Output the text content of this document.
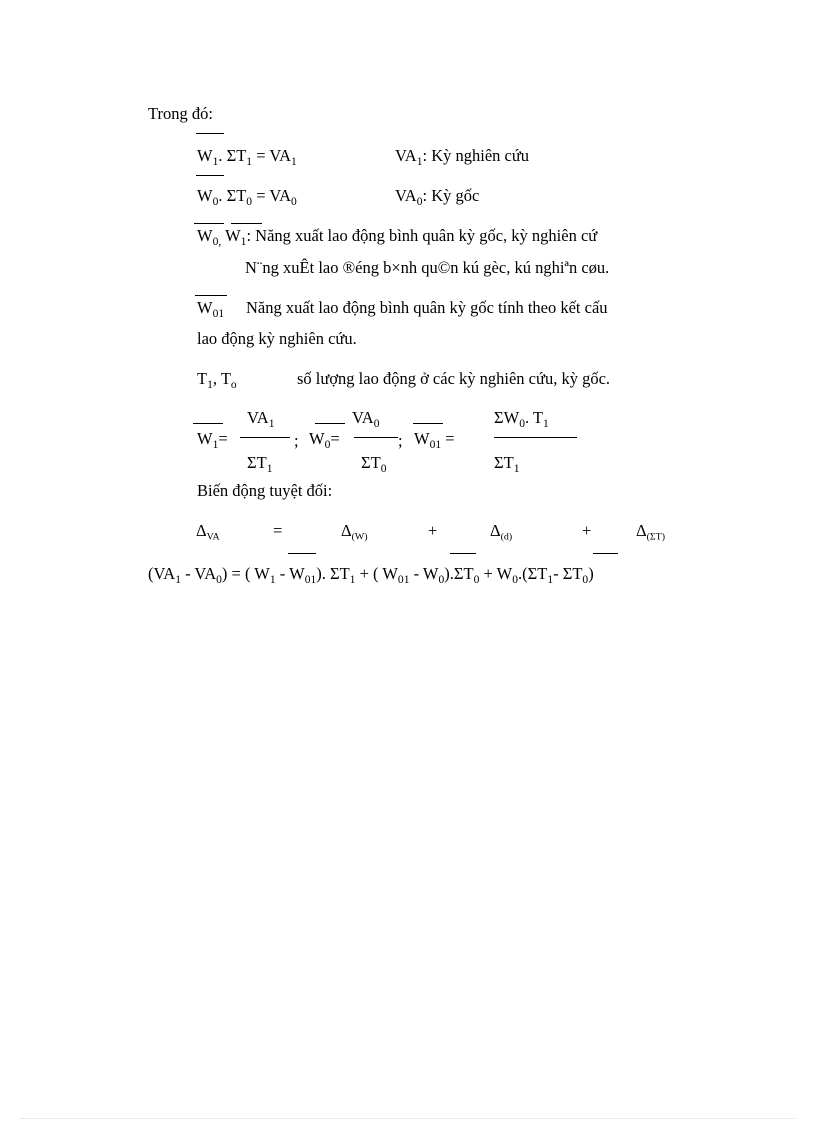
Trong đó:
$W_1$. $\Sigma T_1 = VA_1$	$VA_1$: Kỳ nghiên cứu
$W_0$. $\Sigma T_0 = VA_0$	$VA_0$: Kỳ gốc
$W_{0,}$ $W_1$: Năng xuất lao động bình quân kỳ gốc, kỳ nghiên cứ
N¨ng xuÊt lao ®éng b×nh qu©n kú gèc, kú nghiªn cøu.
$W_{01}$ Năng xuất lao động bình quân kỳ gốc tính theo kết cấu
lao động kỳ nghiên cứu.
$T_1$, $T_o$	số lượng lao động ở các kỳ nghiên cứu, kỳ gốc.
$VA_1$
$\Sigma T_1$
$W_1=$	;
$VA_0$
$\Sigma T_0$
$W_0=$	; $W_{01}$ =
$\Sigma W_0$. $T_1$
$\Sigma T_1$
Biến động tuyệt đối:
$\Delta_{VA}$	=	$\Delta_{(W)}$	+	$\Delta_{(d)}$	+	$\Delta_{(\Sigma T)}$
$(VA_1 - VA_0)$ = ( $W_1 - W_{01}$). $\Sigma T_1$ + ( $W_{01} - W_0).\Sigma T_0 + W_0.(\Sigma T_1-$ $\Sigma T_0$)
